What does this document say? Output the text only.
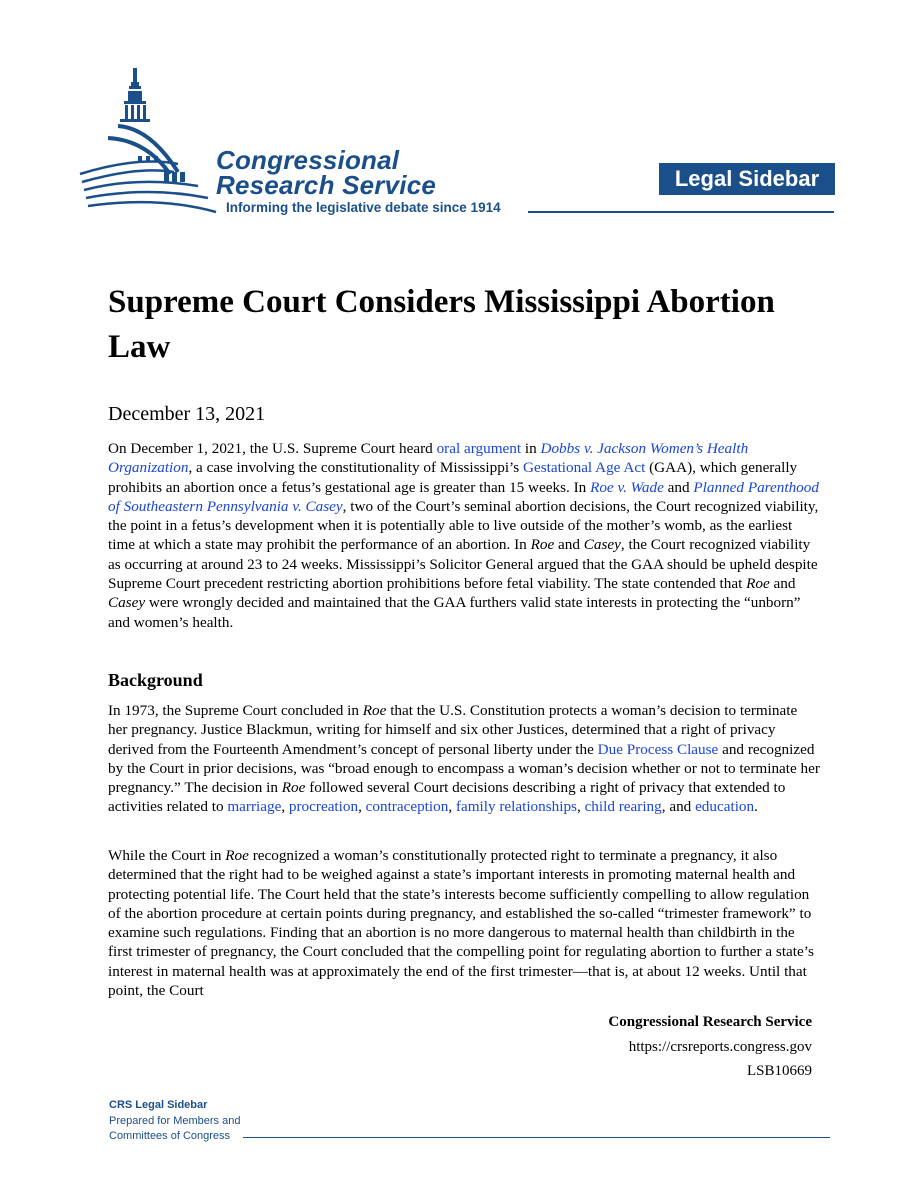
Congressional
Research Service
Informing the legislative debate since 1914
Legal Sidebar
Supreme Court Considers Mississippi Abortion Law
December 13, 2021

On December 1, 2021, the U.S. Supreme Court heard oral argument in Dobbs v. Jackson Women’s Health Organization, a case involving the constitutionality of Mississippi’s Gestational Age Act (GAA), which generally prohibits an abortion once a fetus’s gestational age is greater than 15 weeks. In Roe v. Wade and Planned Parenthood of Southeastern Pennsylvania v. Casey, two of the Court’s seminal abortion decisions, the Court recognized viability, the point in a fetus’s development when it is potentially able to live outside of the mother’s womb, as the earliest time at which a state may prohibit the performance of an abortion. In Roe and Casey, the Court recognized viability as occurring at around 23 to 24 weeks. Mississippi’s Solicitor General argued that the GAA should be upheld despite Supreme Court precedent restricting abortion prohibitions before fetal viability. The state contended that Roe and Casey were wrongly decided and maintained that the GAA furthers valid state interests in protecting the “unborn” and women’s health.

Background

In 1973, the Supreme Court concluded in Roe that the U.S. Constitution protects a woman’s decision to terminate her pregnancy. Justice Blackmun, writing for himself and six other Justices, determined that a right of privacy derived from the Fourteenth Amendment’s concept of personal liberty under the Due Process Clause and recognized by the Court in prior decisions, was “broad enough to encompass a woman’s decision whether or not to terminate her pregnancy.” The decision in Roe followed several Court decisions describing a right of privacy that extended to activities related to marriage, procreation, contraception, family relationships, child rearing, and education.

While the Court in Roe recognized a woman’s constitutionally protected right to terminate a pregnancy, it also determined that the right had to be weighed against a state’s important interests in promoting maternal health and protecting potential life. The Court held that the state’s interests become sufficiently compelling to allow regulation of the abortion procedure at certain points during pregnancy, and established the so-called “trimester framework” to examine such regulations. Finding that an abortion is no more dangerous to maternal health than childbirth in the first trimester of pregnancy, the Court concluded that the compelling point for regulating abortion to further a state’s interest in maternal health was at approximately the end of the first trimester—that is, at about 12 weeks. Until that point, the Court

Congressional Research Service
https://crsreports.congress.gov
LSB10669
CRS Legal Sidebar
Prepared for Members and
Committees of Congress
